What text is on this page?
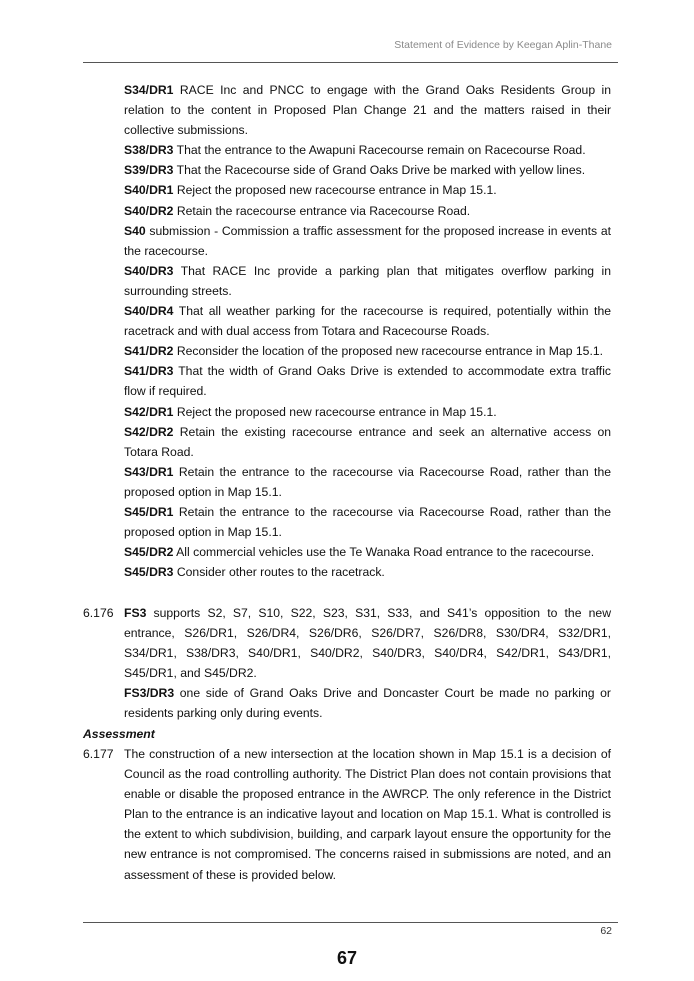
Statement of Evidence by Keegan Aplin-Thane

S34/DR1 RACE Inc and PNCC to engage with the Grand Oaks Residents Group in relation to the content in Proposed Plan Change 21 and the matters raised in their collective submissions.

S38/DR3 That the entrance to the Awapuni Racecourse remain on Racecourse Road.

S39/DR3 That the Racecourse side of Grand Oaks Drive be marked with yellow lines.

S40/DR1 Reject the proposed new racecourse entrance in Map 15.1.

S40/DR2 Retain the racecourse entrance via Racecourse Road.

S40 submission - Commission a traffic assessment for the proposed increase in events at the racecourse.

S40/DR3 That RACE Inc provide a parking plan that mitigates overflow parking in surrounding streets.

S40/DR4 That all weather parking for the racecourse is required, potentially within the racetrack and with dual access from Totara and Racecourse Roads.

S41/DR2 Reconsider the location of the proposed new racecourse entrance in Map 15.1.

S41/DR3 That the width of Grand Oaks Drive is extended to accommodate extra traffic flow if required.

S42/DR1 Reject the proposed new racecourse entrance in Map 15.1.

S42/DR2 Retain the existing racecourse entrance and seek an alternative access on Totara Road.

S43/DR1 Retain the entrance to the racecourse via Racecourse Road, rather than the proposed option in Map 15.1.

S45/DR1 Retain the entrance to the racecourse via Racecourse Road, rather than the proposed option in Map 15.1.

S45/DR2 All commercial vehicles use the Te Wanaka Road entrance to the racecourse.

S45/DR3 Consider other routes to the racetrack.

6.176 FS3 supports S2, S7, S10, S22, S23, S31, S33, and S41’s opposition to the new entrance, S26/DR1, S26/DR4, S26/DR6, S26/DR7, S26/DR8, S30/DR4, S32/DR1, S34/DR1, S38/DR3, S40/DR1, S40/DR2, S40/DR3, S40/DR4, S42/DR1, S43/DR1, S45/DR1, and S45/DR2.

FS3/DR3 one side of Grand Oaks Drive and Doncaster Court be made no parking or residents parking only during events.

Assessment
6.177 The construction of a new intersection at the location shown in Map 15.1 is a decision of Council as the road controlling authority. The District Plan does not contain provisions that enable or disable the proposed entrance in the AWRCP. The only reference in the District Plan to the entrance is an indicative layout and location on Map 15.1. What is controlled is the extent to which subdivision, building, and carpark layout ensure the opportunity for the new entrance is not compromised. The concerns raised in submissions are noted, and an assessment of these is provided below.

62
67
